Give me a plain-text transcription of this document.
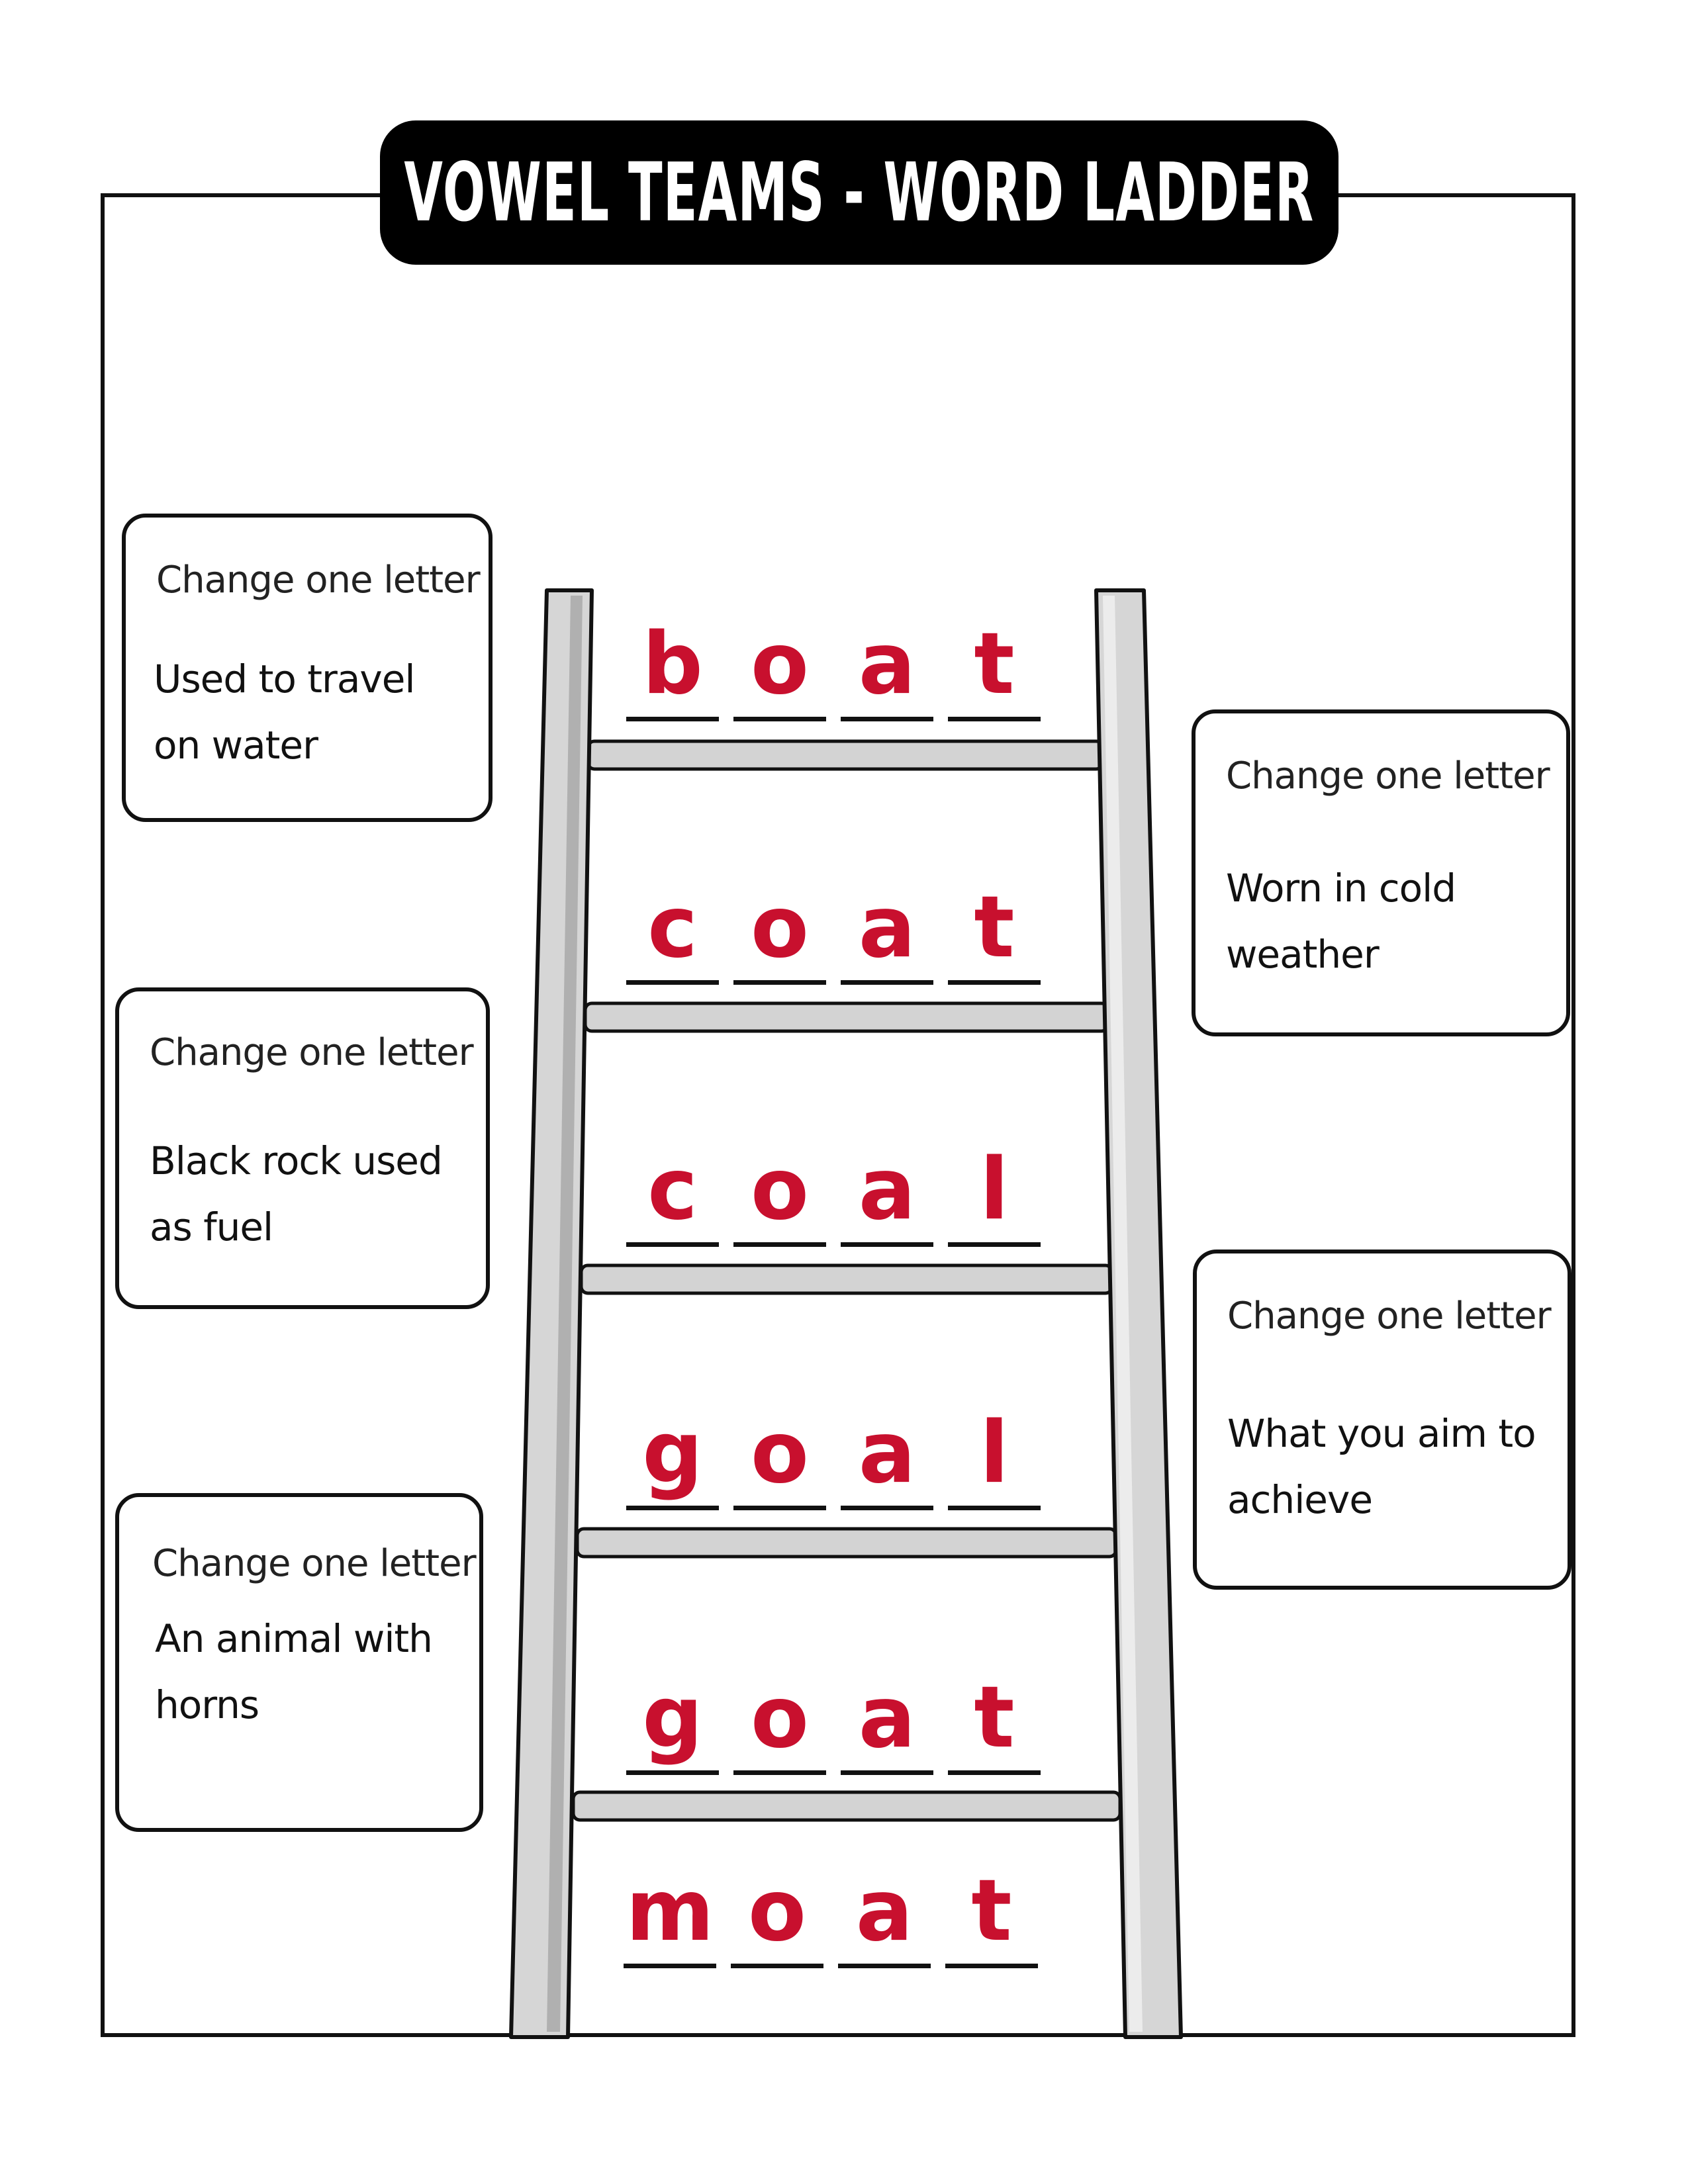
VOWEL TEAMS - WORD LADDER
b o a t
c o a t
c o a l
g o a l
g o a t
m o a t
Change one letter
Used to travel on water
Change one letter
Worn in cold weather
Change one letter
Black rock used as fuel
Change one letter
What you aim to achieve
Change one letter
An animal with horns
